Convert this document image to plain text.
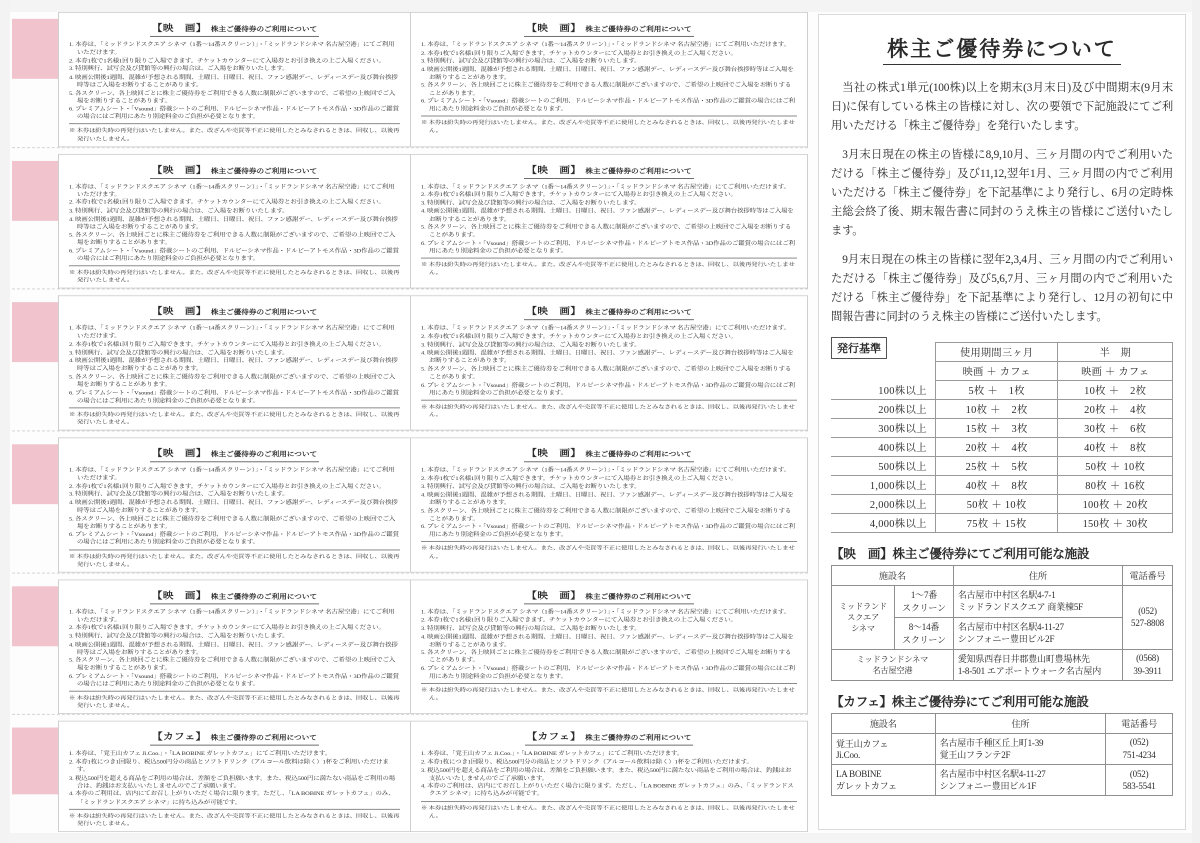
【映　画】 株主ご優待券のご利用について
1. 本券は、「ミッドランドスクエア シネマ（1番〜14番スクリーン）」・「ミッドランドシネマ 名古屋空港」にてご利用いただけます。
2. 本券1枚で1名様1回り限りご入場できます。チケットカウンターにて入場券とお引き換えの上ご入場ください。
3. 特別興行、試写会及び貸館等の興行の場合は、ご入場をお断りいたします。
4. 映画公開後1週間、混雑が予想される期間、土曜日、日曜日、祝日、ファン感謝デー、レディースデー及び舞台挨拶時等はご入場をお断りすることがあります。
5. 各スクリーン、各上映回ごとに株主ご優待券をご利用できる人数に制限がございますので、ご希望の上映回でご入場をお断りすることがあります。
6. プレミアムシート・「Vsound」搭載シートのご利用、ドルビーシネマ作品・ドルビーアトモス作品・3D作品のご鑑賞の場合にはご利用にあたり別途料金のご負担が必要となります。
※ 本券は紛失時の再発行はいたしません。また、改ざんや売買等不正に使用したとみなされるときは、回収し、以後再発行いたしません。
【映　画】 株主ご優待券のご利用について
1. 本券は、「ミッドランドスクエア シネマ（1番〜14番スクリーン）」・「ミッドランドシネマ 名古屋空港」にてご利用いただけます。
2. 本券1枚で1名様1回り限りご入場できます。チケットカウンターにて入場券とお引き換えの上ご入場ください。
3. 特別興行、試写会及び貸館等の興行の場合は、ご入場をお断りいたします。
4. 映画公開後1週間、混雑が予想される期間、土曜日、日曜日、祝日、ファン感謝デー、レディースデー及び舞台挨拶時等はご入場をお断りすることがあります。
5. 各スクリーン、各上映回ごとに株主ご優待券をご利用できる人数に制限がございますので、ご希望の上映回でご入場をお断りすることがあります。
6. プレミアムシート・「Vsound」搭載シートのご利用、ドルビーシネマ作品・ドルビーアトモス作品・3D作品のご鑑賞の場合にはご利用にあたり別途料金のご負担が必要となります。
※ 本券は紛失時の再発行はいたしません。また、改ざんや売買等不正に使用したとみなされるときは、回収し、以後再発行いたしません。
【映　画】 株主ご優待券のご利用について
1. 本券は、「ミッドランドスクエア シネマ（1番〜14番スクリーン）」・「ミッドランドシネマ 名古屋空港」にてご利用いただけます。
2. 本券1枚で1名様1回り限りご入場できます。チケットカウンターにて入場券とお引き換えの上ご入場ください。
3. 特別興行、試写会及び貸館等の興行の場合は、ご入場をお断りいたします。
4. 映画公開後1週間、混雑が予想される期間、土曜日、日曜日、祝日、ファン感謝デー、レディースデー及び舞台挨拶時等はご入場をお断りすることがあります。
5. 各スクリーン、各上映回ごとに株主ご優待券をご利用できる人数に制限がございますので、ご希望の上映回でご入場をお断りすることがあります。
6. プレミアムシート・「Vsound」搭載シートのご利用、ドルビーシネマ作品・ドルビーアトモス作品・3D作品のご鑑賞の場合にはご利用にあたり別途料金のご負担が必要となります。
※ 本券は紛失時の再発行はいたしません。また、改ざんや売買等不正に使用したとみなされるときは、回収し、以後再発行いたしません。
【映　画】 株主ご優待券のご利用について
1. 本券は、「ミッドランドスクエア シネマ（1番〜14番スクリーン）」・「ミッドランドシネマ 名古屋空港」にてご利用いただけます。
2. 本券1枚で1名様1回り限りご入場できます。チケットカウンターにて入場券とお引き換えの上ご入場ください。
3. 特別興行、試写会及び貸館等の興行の場合は、ご入場をお断りいたします。
4. 映画公開後1週間、混雑が予想される期間、土曜日、日曜日、祝日、ファン感謝デー、レディースデー及び舞台挨拶時等はご入場をお断りすることがあります。
5. 各スクリーン、各上映回ごとに株主ご優待券をご利用できる人数に制限がございますので、ご希望の上映回でご入場をお断りすることがあります。
6. プレミアムシート・「Vsound」搭載シートのご利用、ドルビーシネマ作品・ドルビーアトモス作品・3D作品のご鑑賞の場合にはご利用にあたり別途料金のご負担が必要となります。
※ 本券は紛失時の再発行はいたしません。また、改ざんや売買等不正に使用したとみなされるときは、回収し、以後再発行いたしません。
【映　画】 株主ご優待券のご利用について
1. 本券は、「ミッドランドスクエア シネマ（1番〜14番スクリーン）」・「ミッドランドシネマ 名古屋空港」にてご利用いただけます。
2. 本券1枚で1名様1回り限りご入場できます。チケットカウンターにて入場券とお引き換えの上ご入場ください。
3. 特別興行、試写会及び貸館等の興行の場合は、ご入場をお断りいたします。
4. 映画公開後1週間、混雑が予想される期間、土曜日、日曜日、祝日、ファン感謝デー、レディースデー及び舞台挨拶時等はご入場をお断りすることがあります。
5. 各スクリーン、各上映回ごとに株主ご優待券をご利用できる人数に制限がございますので、ご希望の上映回でご入場をお断りすることがあります。
6. プレミアムシート・「Vsound」搭載シートのご利用、ドルビーシネマ作品・ドルビーアトモス作品・3D作品のご鑑賞の場合にはご利用にあたり別途料金のご負担が必要となります。
※ 本券は紛失時の再発行はいたしません。また、改ざんや売買等不正に使用したとみなされるときは、回収し、以後再発行いたしません。
【映　画】 株主ご優待券のご利用について
1. 本券は、「ミッドランドスクエア シネマ（1番〜14番スクリーン）」・「ミッドランドシネマ 名古屋空港」にてご利用いただけます。
2. 本券1枚で1名様1回り限りご入場できます。チケットカウンターにて入場券とお引き換えの上ご入場ください。
3. 特別興行、試写会及び貸館等の興行の場合は、ご入場をお断りいたします。
4. 映画公開後1週間、混雑が予想される期間、土曜日、日曜日、祝日、ファン感謝デー、レディースデー及び舞台挨拶時等はご入場をお断りすることがあります。
5. 各スクリーン、各上映回ごとに株主ご優待券をご利用できる人数に制限がございますので、ご希望の上映回でご入場をお断りすることがあります。
6. プレミアムシート・「Vsound」搭載シートのご利用、ドルビーシネマ作品・ドルビーアトモス作品・3D作品のご鑑賞の場合にはご利用にあたり別途料金のご負担が必要となります。
※ 本券は紛失時の再発行はいたしません。また、改ざんや売買等不正に使用したとみなされるときは、回収し、以後再発行いたしません。
【映　画】 株主ご優待券のご利用について
1. 本券は、「ミッドランドスクエア シネマ（1番〜14番スクリーン）」・「ミッドランドシネマ 名古屋空港」にてご利用いただけます。
2. 本券1枚で1名様1回り限りご入場できます。チケットカウンターにて入場券とお引き換えの上ご入場ください。
3. 特別興行、試写会及び貸館等の興行の場合は、ご入場をお断りいたします。
4. 映画公開後1週間、混雑が予想される期間、土曜日、日曜日、祝日、ファン感謝デー、レディースデー及び舞台挨拶時等はご入場をお断りすることがあります。
5. 各スクリーン、各上映回ごとに株主ご優待券をご利用できる人数に制限がございますので、ご希望の上映回でご入場をお断りすることがあります。
6. プレミアムシート・「Vsound」搭載シートのご利用、ドルビーシネマ作品・ドルビーアトモス作品・3D作品のご鑑賞の場合にはご利用にあたり別途料金のご負担が必要となります。
※ 本券は紛失時の再発行はいたしません。また、改ざんや売買等不正に使用したとみなされるときは、回収し、以後再発行いたしません。
【映　画】 株主ご優待券のご利用について
1. 本券は、「ミッドランドスクエア シネマ（1番〜14番スクリーン）」・「ミッドランドシネマ 名古屋空港」にてご利用いただけます。
2. 本券1枚で1名様1回り限りご入場できます。チケットカウンターにて入場券とお引き換えの上ご入場ください。
3. 特別興行、試写会及び貸館等の興行の場合は、ご入場をお断りいたします。
4. 映画公開後1週間、混雑が予想される期間、土曜日、日曜日、祝日、ファン感謝デー、レディースデー及び舞台挨拶時等はご入場をお断りすることがあります。
5. 各スクリーン、各上映回ごとに株主ご優待券をご利用できる人数に制限がございますので、ご希望の上映回でご入場をお断りすることがあります。
6. プレミアムシート・「Vsound」搭載シートのご利用、ドルビーシネマ作品・ドルビーアトモス作品・3D作品のご鑑賞の場合にはご利用にあたり別途料金のご負担が必要となります。
※ 本券は紛失時の再発行はいたしません。また、改ざんや売買等不正に使用したとみなされるときは、回収し、以後再発行いたしません。
【映　画】 株主ご優待券のご利用について
1. 本券は、「ミッドランドスクエア シネマ（1番〜14番スクリーン）」・「ミッドランドシネマ 名古屋空港」にてご利用いただけます。
2. 本券1枚で1名様1回り限りご入場できます。チケットカウンターにて入場券とお引き換えの上ご入場ください。
3. 特別興行、試写会及び貸館等の興行の場合は、ご入場をお断りいたします。
4. 映画公開後1週間、混雑が予想される期間、土曜日、日曜日、祝日、ファン感謝デー、レディースデー及び舞台挨拶時等はご入場をお断りすることがあります。
5. 各スクリーン、各上映回ごとに株主ご優待券をご利用できる人数に制限がございますので、ご希望の上映回でご入場をお断りすることがあります。
6. プレミアムシート・「Vsound」搭載シートのご利用、ドルビーシネマ作品・ドルビーアトモス作品・3D作品のご鑑賞の場合にはご利用にあたり別途料金のご負担が必要となります。
※ 本券は紛失時の再発行はいたしません。また、改ざんや売買等不正に使用したとみなされるときは、回収し、以後再発行いたしません。
【映　画】 株主ご優待券のご利用について
1. 本券は、「ミッドランドスクエア シネマ（1番〜14番スクリーン）」・「ミッドランドシネマ 名古屋空港」にてご利用いただけます。
2. 本券1枚で1名様1回り限りご入場できます。チケットカウンターにて入場券とお引き換えの上ご入場ください。
3. 特別興行、試写会及び貸館等の興行の場合は、ご入場をお断りいたします。
4. 映画公開後1週間、混雑が予想される期間、土曜日、日曜日、祝日、ファン感謝デー、レディースデー及び舞台挨拶時等はご入場をお断りすることがあります。
5. 各スクリーン、各上映回ごとに株主ご優待券をご利用できる人数に制限がございますので、ご希望の上映回でご入場をお断りすることがあります。
6. プレミアムシート・「Vsound」搭載シートのご利用、ドルビーシネマ作品・ドルビーアトモス作品・3D作品のご鑑賞の場合にはご利用にあたり別途料金のご負担が必要となります。
※ 本券は紛失時の再発行はいたしません。また、改ざんや売買等不正に使用したとみなされるときは、回収し、以後再発行いたしません。
【カフェ】 株主ご優待券のご利用について
1. 本券は、「覚王山カフェ Ji.Coo.」・「LA BOBINE ガレットカフェ」にてご利用いただけます。
2. 本券1枚につき1回限り、税込500円分の商品とソフトドリンク（アルコール飲料は除く）1杯をご利用いただけます。
3. 税込500円を超える商品をご利用の場合は、差額をご負担願います。また、税込500円に満たない商品をご利用の場合は、釣銭はお支払いいたしませんのでご了承願います。
4. 本券のご利用は、店内にてお召し上がりいただく場合に限ります。ただし、「LA BOBINE ガレットカフェ」のみ、「ミッドランドスクエア シネマ」に持ち込みが可能です。
※ 本券は紛失時の再発行はいたしません。また、改ざんや売買等不正に使用したとみなされるときは、回収し、以後再発行いたしません。
【カフェ】 株主ご優待券のご利用について
1. 本券は、「覚王山カフェ Ji.Coo.」・「LA BOBINE ガレットカフェ」にてご利用いただけます。
2. 本券1枚につき1回限り、税込500円分の商品とソフトドリンク（アルコール飲料は除く）1杯をご利用いただけます。
3. 税込500円を超える商品をご利用の場合は、差額をご負担願います。また、税込500円に満たない商品をご利用の場合は、釣銭はお支払いいたしませんのでご了承願います。
4. 本券のご利用は、店内にてお召し上がりいただく場合に限ります。ただし、「LA BOBINE ガレットカフェ」のみ、「ミッドランドスクエア シネマ」に持ち込みが可能です。
※ 本券は紛失時の再発行はいたしません。また、改ざんや売買等不正に使用したとみなされるときは、回収し、以後再発行いたしません。
株主ご優待券について

当社の株式1単元(100株)以上を期末(3月末日)及び中間期末(9月末日)に保有している株主の皆様に対し、次の要領で下記施設にてご利用いただける「株主ご優待券」を発行いたします。

3月末日現在の株主の皆様に8,9,10月、三ヶ月間の内でご利用いただける「株主ご優待券」及び11,12,翌年1月、三ヶ月間の内でご利用いただける「株主ご優待券」を下記基準により発行し、6月の定時株主総会終了後、期末報告書に同封のうえ株主の皆様にご送付いたします。

9月末日現在の株主の皆様に翌年2,3,4月、三ヶ月間の内でご利用いただける「株主ご優待券」及び5,6,7月、三ヶ月間の内でご利用いただける「株主ご優待券」を下記基準により発行し、12月の初旬に中間報告書に同封のうえ株主の皆様にご送付いたします。

発行基準
		使用期間三ヶ月	半　期
	映画 ＋ カフェ	映画 ＋ カフェ
100株以上	5枚 ＋　1枚	10枚 ＋　2枚
200株以上	10枚 ＋　2枚	20枚 ＋　4枚
300株以上	15枚 ＋　3枚	30枚 ＋　6枚
400株以上	20枚 ＋　4枚	40枚 ＋　8枚
500株以上	25枚 ＋　5枚	50枚 ＋ 10枚
1,000株以上	40枚 ＋　8枚	80枚 ＋ 16枚
2,000株以上	50枚 ＋ 10枚	100枚 ＋ 20枚
4,000株以上	75枚 ＋ 15枚	150枚 ＋ 30枚
【映　画】株主ご優待券にてご利用可能な施設
施設名		住所	電話番号
ミッドランド
スクエア
シネマ	1〜7番
スクリーン	名古屋市中村区名駅4-7-1
ミッドランドスクエア 商業棟5F	(052)
527-8808
	8〜14番
スクリーン	名古屋市中村区名駅4-11-27
シンフォニー豊田ビル2F	
ミッドランドシネマ
名古屋空港		愛知県西春日井郡豊山町豊場林先
1-8-501 エアポートウォーク名古屋内	(0568)
39-3911
【カフェ】株主ご優待券にてご利用可能な施設
施設名	住所	電話番号
覚王山カフェ
Ji.Coo.	名古屋市千種区丘上町1-39
覚王山フランテ2F	(052)
751-4234
LA BOBINE
ガレットカフェ	名古屋市中村区名駅4-11-27
シンフォニー豊田ビル1F	(052)
583-5541
